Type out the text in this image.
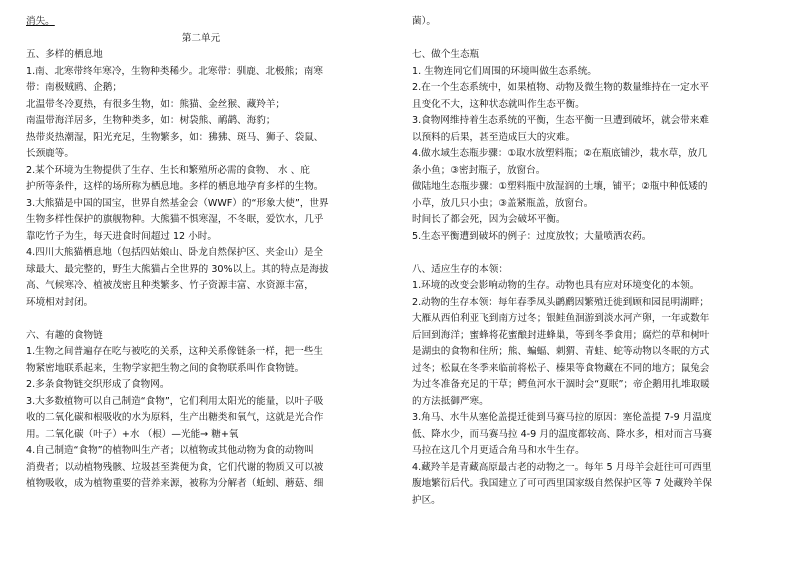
消失。

第二单元

五、多样的栖息地

1.南、北寒带终年寒冷，生物种类稀少。北寒带：驯鹿、北极熊；南寒

带：南极贼鸥、企鹅；

北温带冬冷夏热，有很多生物，如：熊猫、金丝猴、藏羚羊；

南温带海洋居多，生物种类多，如：树袋熊、鸸鹋、海豹；

热带炎热潮湿，阳光充足，生物繁多，如：狒狒、斑马、狮子、袋鼠、

长颈鹿等。

2.某个环境为生物提供了生存、生长和繁殖所必需的食物、 水 、庇

护所等条件，这样的场所称为栖息地。多样的栖息地孕育多样的生物。

3.大熊猫是中国的国宝，世界自然基金会（WWF）的“形象大使”，世界

生物多样性保护的旗舰物种。大熊猫不惧寒湿，不冬眠，爱饮水，几乎

靠吃竹子为生，每天进食时间超过 12 小时。

4.四川大熊猫栖息地（包括四姑娘山、卧龙自然保护区、夹金山）是全

球最大、最完整的，野生大熊猫占全世界的 30%以上。其的特点是海拔

高、气候寒冷、植被茂密且种类繁多、竹子资源丰富、水资源丰富，

环境相对封闭。

六、有趣的食物链

1.生物之间普遍存在吃与被吃的关系，这种关系像链条一样，把一些生

物紧密地联系起来，生物学家把生物之间的食物联系叫作食物链。

2.多条食物链交织形成了食物网。

3.大多数植物可以自己制造“食物”，它们利用太阳光的能量，以叶子吸

收的二氧化碳和根吸收的水为原料，生产出糖类和氧气，这就是光合作

用。二氧化碳（叶子）+水 （根）—光能→ 糖+氧

4.自己制造“食物”的植物叫生产者；以植物或其他动物为食的动物叫

消费者；以动植物残骸、垃圾甚至粪便为食，它们代谢的物质又可以被

植物吸收，成为植物重要的营养来源，被称为分解者（蚯蚓、蘑菇、细

菌）。

七、做个生态瓶

1. 生物连同它们周围的环境叫做生态系统。

2.在一个生态系统中，如果植物、动物及微生物的数量维持在一定水平

且变化不大，这种状态就叫作生态平衡。

3.食物网维持着生态系统的平衡，生态平衡一旦遭到破坏，就会带来难

以预料的后果，甚至造成巨大的灾难。

4.做水域生态瓶步骤：①取水放塑料瓶；②在瓶底铺沙，栽水草，放几

条小鱼；③密封瓶子，放窗台。

做陆地生态瓶步骤：①塑料瓶中放湿润的土壤，铺平；②瓶中种低矮的

小草，放几只小虫；③盖紧瓶盖，放窗台。

时间长了都会死，因为会破坏平衡。

5.生态平衡遭到破坏的例子：过度放牧；大量喷洒农药。

八、适应生存的本领：

1.环境的改变会影响动物的生存。动物也具有应对环境变化的本领。

2.动物的生存本领：每年春季凤头䴙䴘因繁殖迁徙到顾和园昆明湖畔；

大雁从西伯利亚飞到南方过冬；银鲑鱼洄游到淡水河产卵，一年或数年

后回到海洋；蜜蜂将花蜜酿封进蜂巢，等到冬季食用；腐烂的草和树叶

是湖虫的食物和住所；熊、蝙蝠、刺猬、青蛙、蛇等动物以冬眠的方式

过冬；松鼠在冬季来临前将松子、榛果等食物藏在不同的地方；鼠兔会

为过冬准备充足的干草；鳄鱼河水干涸时会“夏眠”；帝企鹅用扎堆取暖

的方法抵御严寒。

3.角马、水牛从塞伦盖提迁徙到马赛马拉的原因：塞伦盖提 7-9 月温度

低、降水少，而马赛马拉 4-9 月的温度都较高、降水多，相对而言马赛

马拉在这几个月更适合角马和水牛生存。

4.藏羚羊是青藏高原最古老的动物之一。每年 5 月母羊会赶往可可西里

腹地繁衍后代。我国建立了可可西里国家级自然保护区等 7 处藏羚羊保

护区。
